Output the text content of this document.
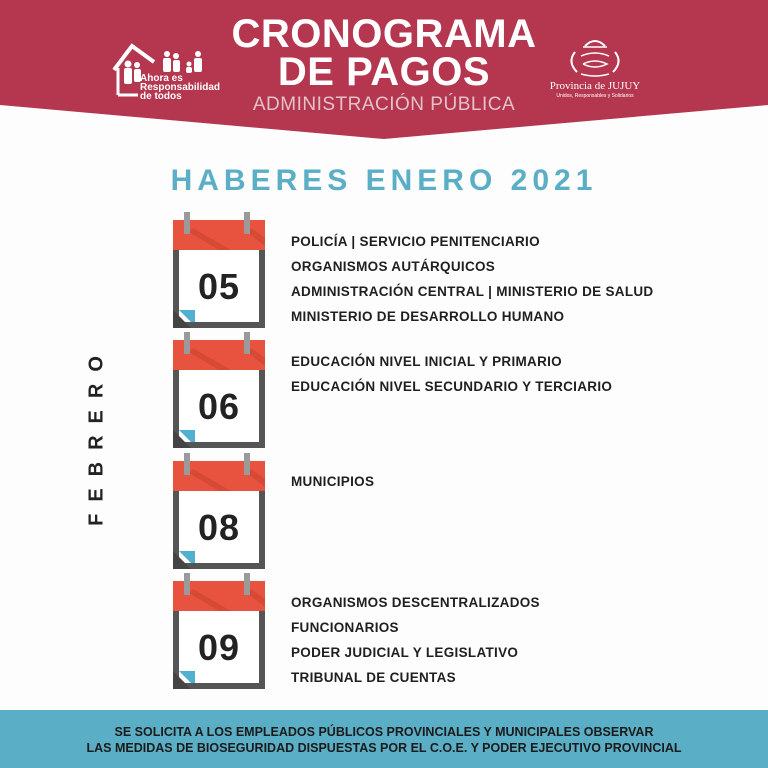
Ahora es
Responsabilidad
de todos
CRONOGRAMA
DE PAGOS
ADMINISTRACIÓN PÚBLICA
Provincia de JUJUY
Unidos, Responsables y Solidarios
HABERES ENERO 2021
FEBRERO
05
06
08
09
POLICÍA | SERVICIO PENITENCIARIO
ORGANISMOS AUTÁRQUICOS
ADMINISTRACIÓN CENTRAL | MINISTERIO DE SALUD
MINISTERIO DE DESARROLLO HUMANO
EDUCACIÓN NIVEL INICIAL Y PRIMARIO
EDUCACIÓN NIVEL SECUNDARIO Y TERCIARIO
MUNICIPIOS
ORGANISMOS DESCENTRALIZADOS
FUNCIONARIOS
PODER JUDICIAL Y LEGISLATIVO
TRIBUNAL DE CUENTAS
SE SOLICITA A LOS EMPLEADOS PÚBLICOS PROVINCIALES Y MUNICIPALES OBSERVAR
LAS MEDIDAS DE BIOSEGURIDAD DISPUESTAS POR EL C.O.E. Y PODER EJECUTIVO PROVINCIAL
